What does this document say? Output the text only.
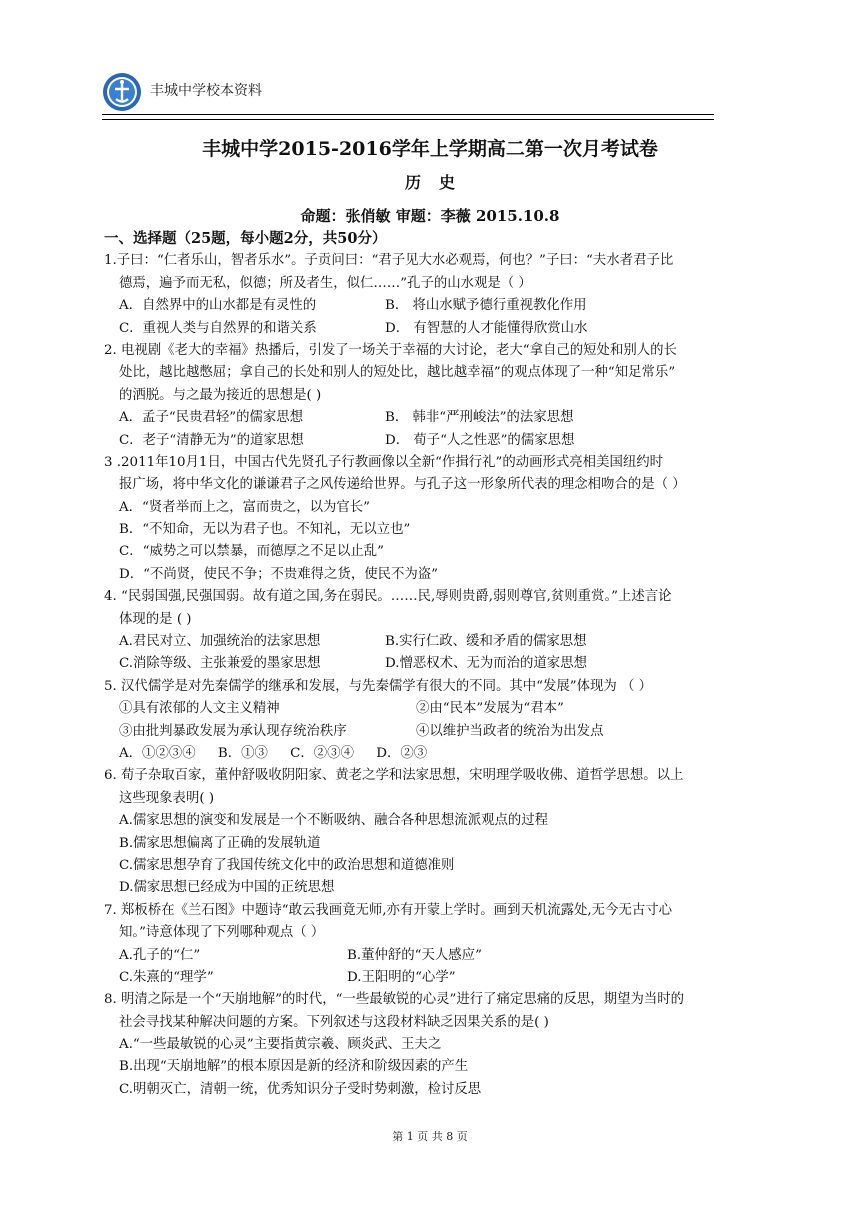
丰城中学校本资料
丰城中学2015-2016学年上学期高二第一次月考试卷
历史
命题：张俏敏 审题：李薇 2015.10.8
一、选择题（25题，每小题2分，共50分）
1.子曰：“仁者乐山，智者乐水”。子贡问曰：“君子见大水必观焉，何也？”子曰：“夫水者君子比
德焉，遍予而无私，似德；所及者生，似仁……”孔子的山水观是（ ）
A．自然界中的山水都是有灵性的	B． 将山水赋予德行重视教化作用
C．重视人类与自然界的和谐关系	D． 有智慧的人才能懂得欣赏山水
2. 电视剧《老大的幸福》热播后，引发了一场关于幸福的大讨论，老大“拿自己的短处和别人的长
处比，越比越憋屈；拿自己的长处和别人的短处比，越比越幸福”的观点体现了一种“知足常乐”
的洒脱。与之最为接近的思想是( )
A．孟子“民贵君轻”的儒家思想	B． 韩非“严刑峻法”的法家思想
C．老子“清静无为”的道家思想	D． 荀子“人之性恶”的儒家思想
3 .2011年10月1日，中国古代先贤孔子行教画像以全新“作揖行礼”的动画形式亮相美国纽约时
报广场，将中华文化的谦谦君子之风传递给世界。与孔子这一形象所代表的理念相吻合的是（ ）
A．“贤者举而上之，富而贵之，以为官长”
B．“不知命，无以为君子也。不知礼，无以立也”
C．“威势之可以禁暴，而德厚之不足以止乱”
D．“不尚贤，使民不争；不贵难得之货，使民不为盗”
4. “民弱国强,民强国弱。故有道之国,务在弱民。……民,辱则贵爵,弱则尊官,贫则重赏。”上述言论
体现的是 ( )
A.君民对立、加强统治的法家思想	B.实行仁政、缓和矛盾的儒家思想
C.消除等级、主张兼爱的墨家思想	D.憎恶权术、无为而治的道家思想
5. 汉代儒学是对先秦儒学的继承和发展，与先秦儒学有很大的不同。其中“发展”体现为 （ ）
①具有浓郁的人文主义精神	②由“民本”发展为“君本”
③由批判暴政发展为承认现存统治秩序	④以维护当政者的统治为出发点
A．①②③④ B．①③ C．②③④ D．②③
6. 荀子杂取百家，董仲舒吸收阴阳家、黄老之学和法家思想，宋明理学吸收佛、道哲学思想。以上
这些现象表明( )
A.儒家思想的演变和发展是一个不断吸纳、融合各种思想流派观点的过程
B.儒家思想偏离了正确的发展轨道
C.儒家思想孕育了我国传统文化中的政治思想和道德准则
D.儒家思想已经成为中国的正统思想
7. 郑板桥在《兰石图》中题诗“敢云我画竟无师,亦有开蒙上学时。画到天机流露处,无今无古寸心
知。”诗意体现了下列哪种观点（ ）
A.孔子的“仁”	B.董仲舒的“天人感应”
C.朱熹的“理学”	D.王阳明的“心学”
8. 明清之际是一个“天崩地解”的时代，“一些最敏锐的心灵”进行了痛定思痛的反思，期望为当时的
社会寻找某种解决问题的方案。下列叙述与这段材料缺乏因果关系的是( )
A.“一些最敏锐的心灵”主要指黄宗羲、顾炎武、王夫之
B.出现“天崩地解”的根本原因是新的经济和阶级因素的产生
C.明朝灭亡，清朝一统，优秀知识分子受时势刺激，检讨反思
第 1 页 共 8 页
